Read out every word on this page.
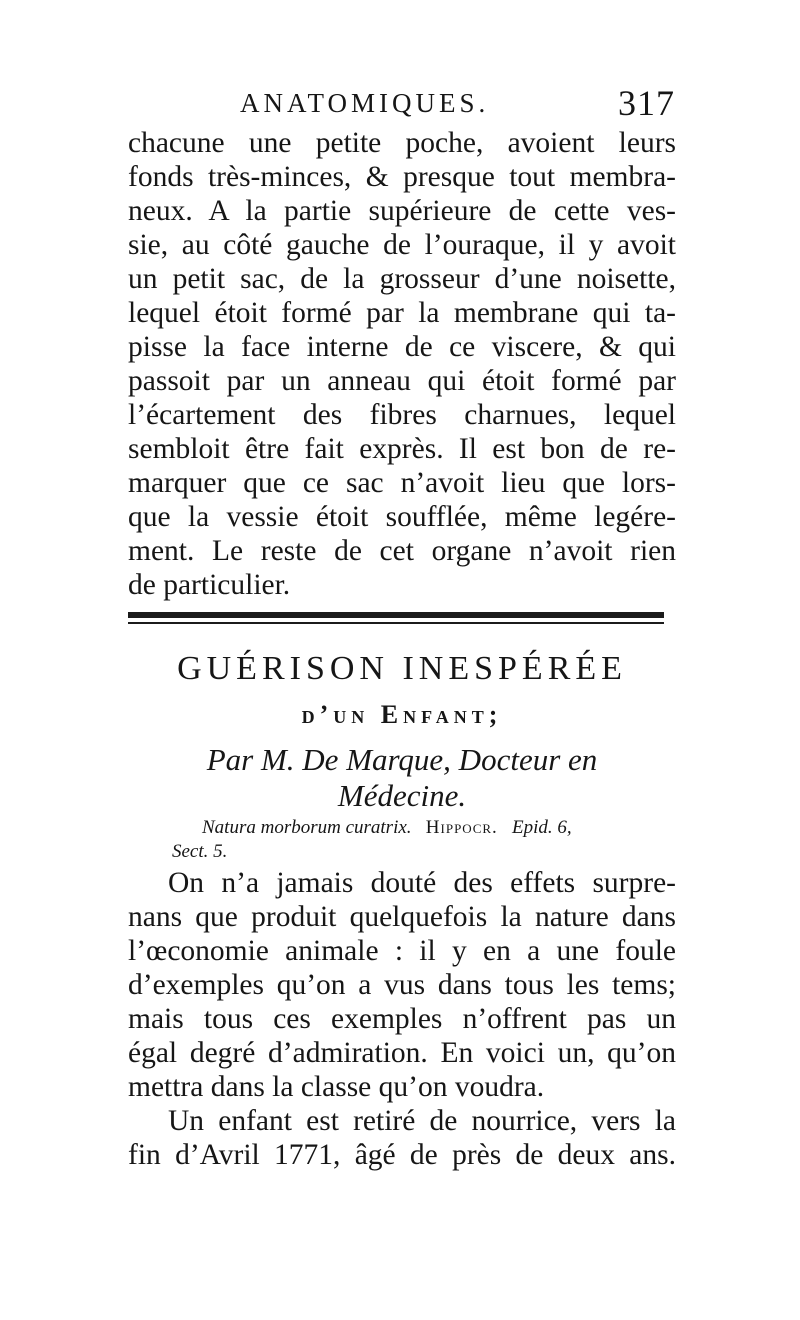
ANATOMIQUES.	317

chacune une petite poche, avoient leurs
fonds très-minces, & presque tout membra-
neux. A la partie supérieure de cette ves-
sie, au côté gauche de l’ouraque, il y avoit
un petit sac, de la grosseur d’une noisette,
lequel étoit formé par la membrane qui ta-
pisse la face interne de ce viscere, & qui
passoit par un anneau qui étoit formé par
l’écartement des fibres charnues, lequel
sembloit être fait exprès. Il est bon de re-
marquer que ce sac n’avoit lieu que lors-
que la vessie étoit soufflée, même legére-
ment. Le reste de cet organe n’avoit rien
de particulier.

GUÉRISON INESPÉRÉE
d’un Enfant;

Par M. De Marque, Docteur en
Médecine.

Natura morborum curatrix. Hippocr. Epid. 6,
Sect. 5.

On n’a jamais douté des effets surpre-
nans que produit quelquefois la nature dans
l’œconomie animale : il y en a une foule
d’exemples qu’on a vus dans tous les tems;
mais tous ces exemples n’offrent pas un
égal degré d’admiration. En voici un, qu’on
mettra dans la classe qu’on voudra.

Un enfant est retiré de nourrice, vers la
fin d’Avril 1771, âgé de près de deux ans.
